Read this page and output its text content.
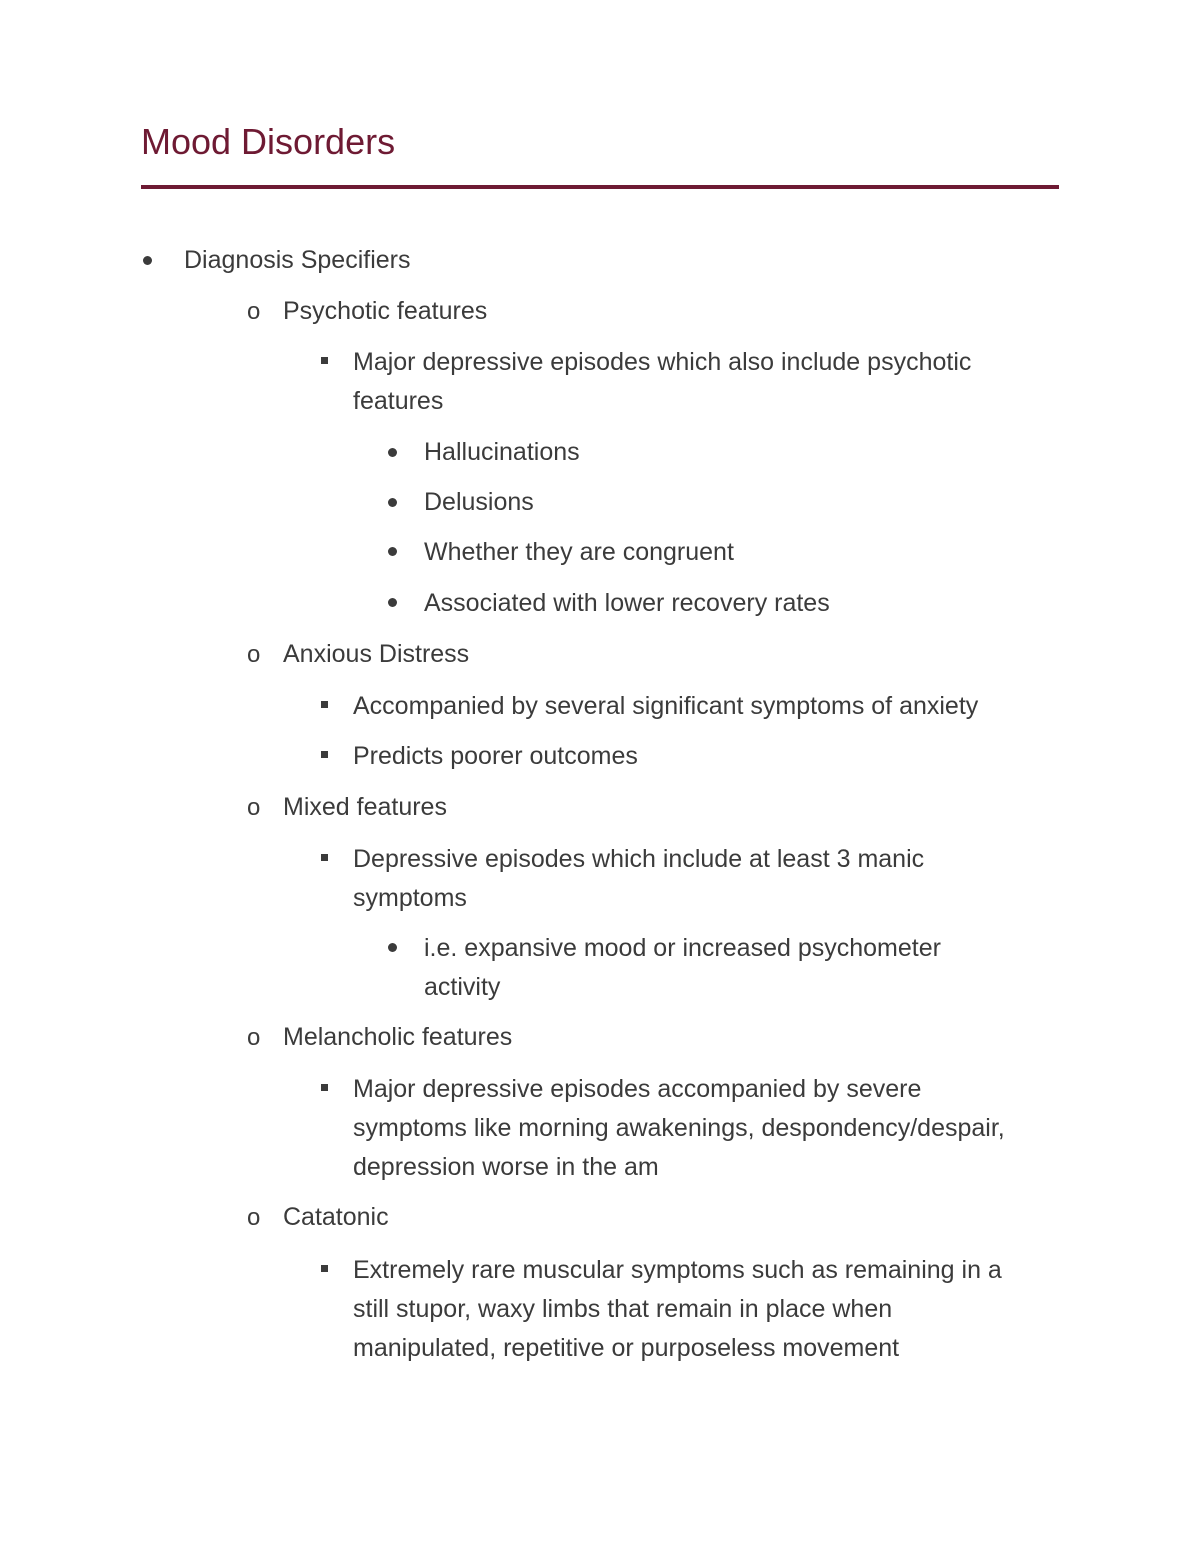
Mood Disorders
Diagnosis Specifiers
o Psychotic features
Major depressive episodes which also include psychotic
features
Hallucinations
Delusions
Whether they are congruent
Associated with lower recovery rates
o Anxious Distress
Accompanied by several significant symptoms of anxiety
Predicts poorer outcomes
o Mixed features
Depressive episodes which include at least 3 manic
symptoms
i.e. expansive mood or increased psychometer
activity
o Melancholic features
Major depressive episodes accompanied by severe
symptoms like morning awakenings, despondency/despair,
depression worse in the am
o Catatonic
Extremely rare muscular symptoms such as remaining in a
still stupor, waxy limbs that remain in place when
manipulated, repetitive or purposeless movement
